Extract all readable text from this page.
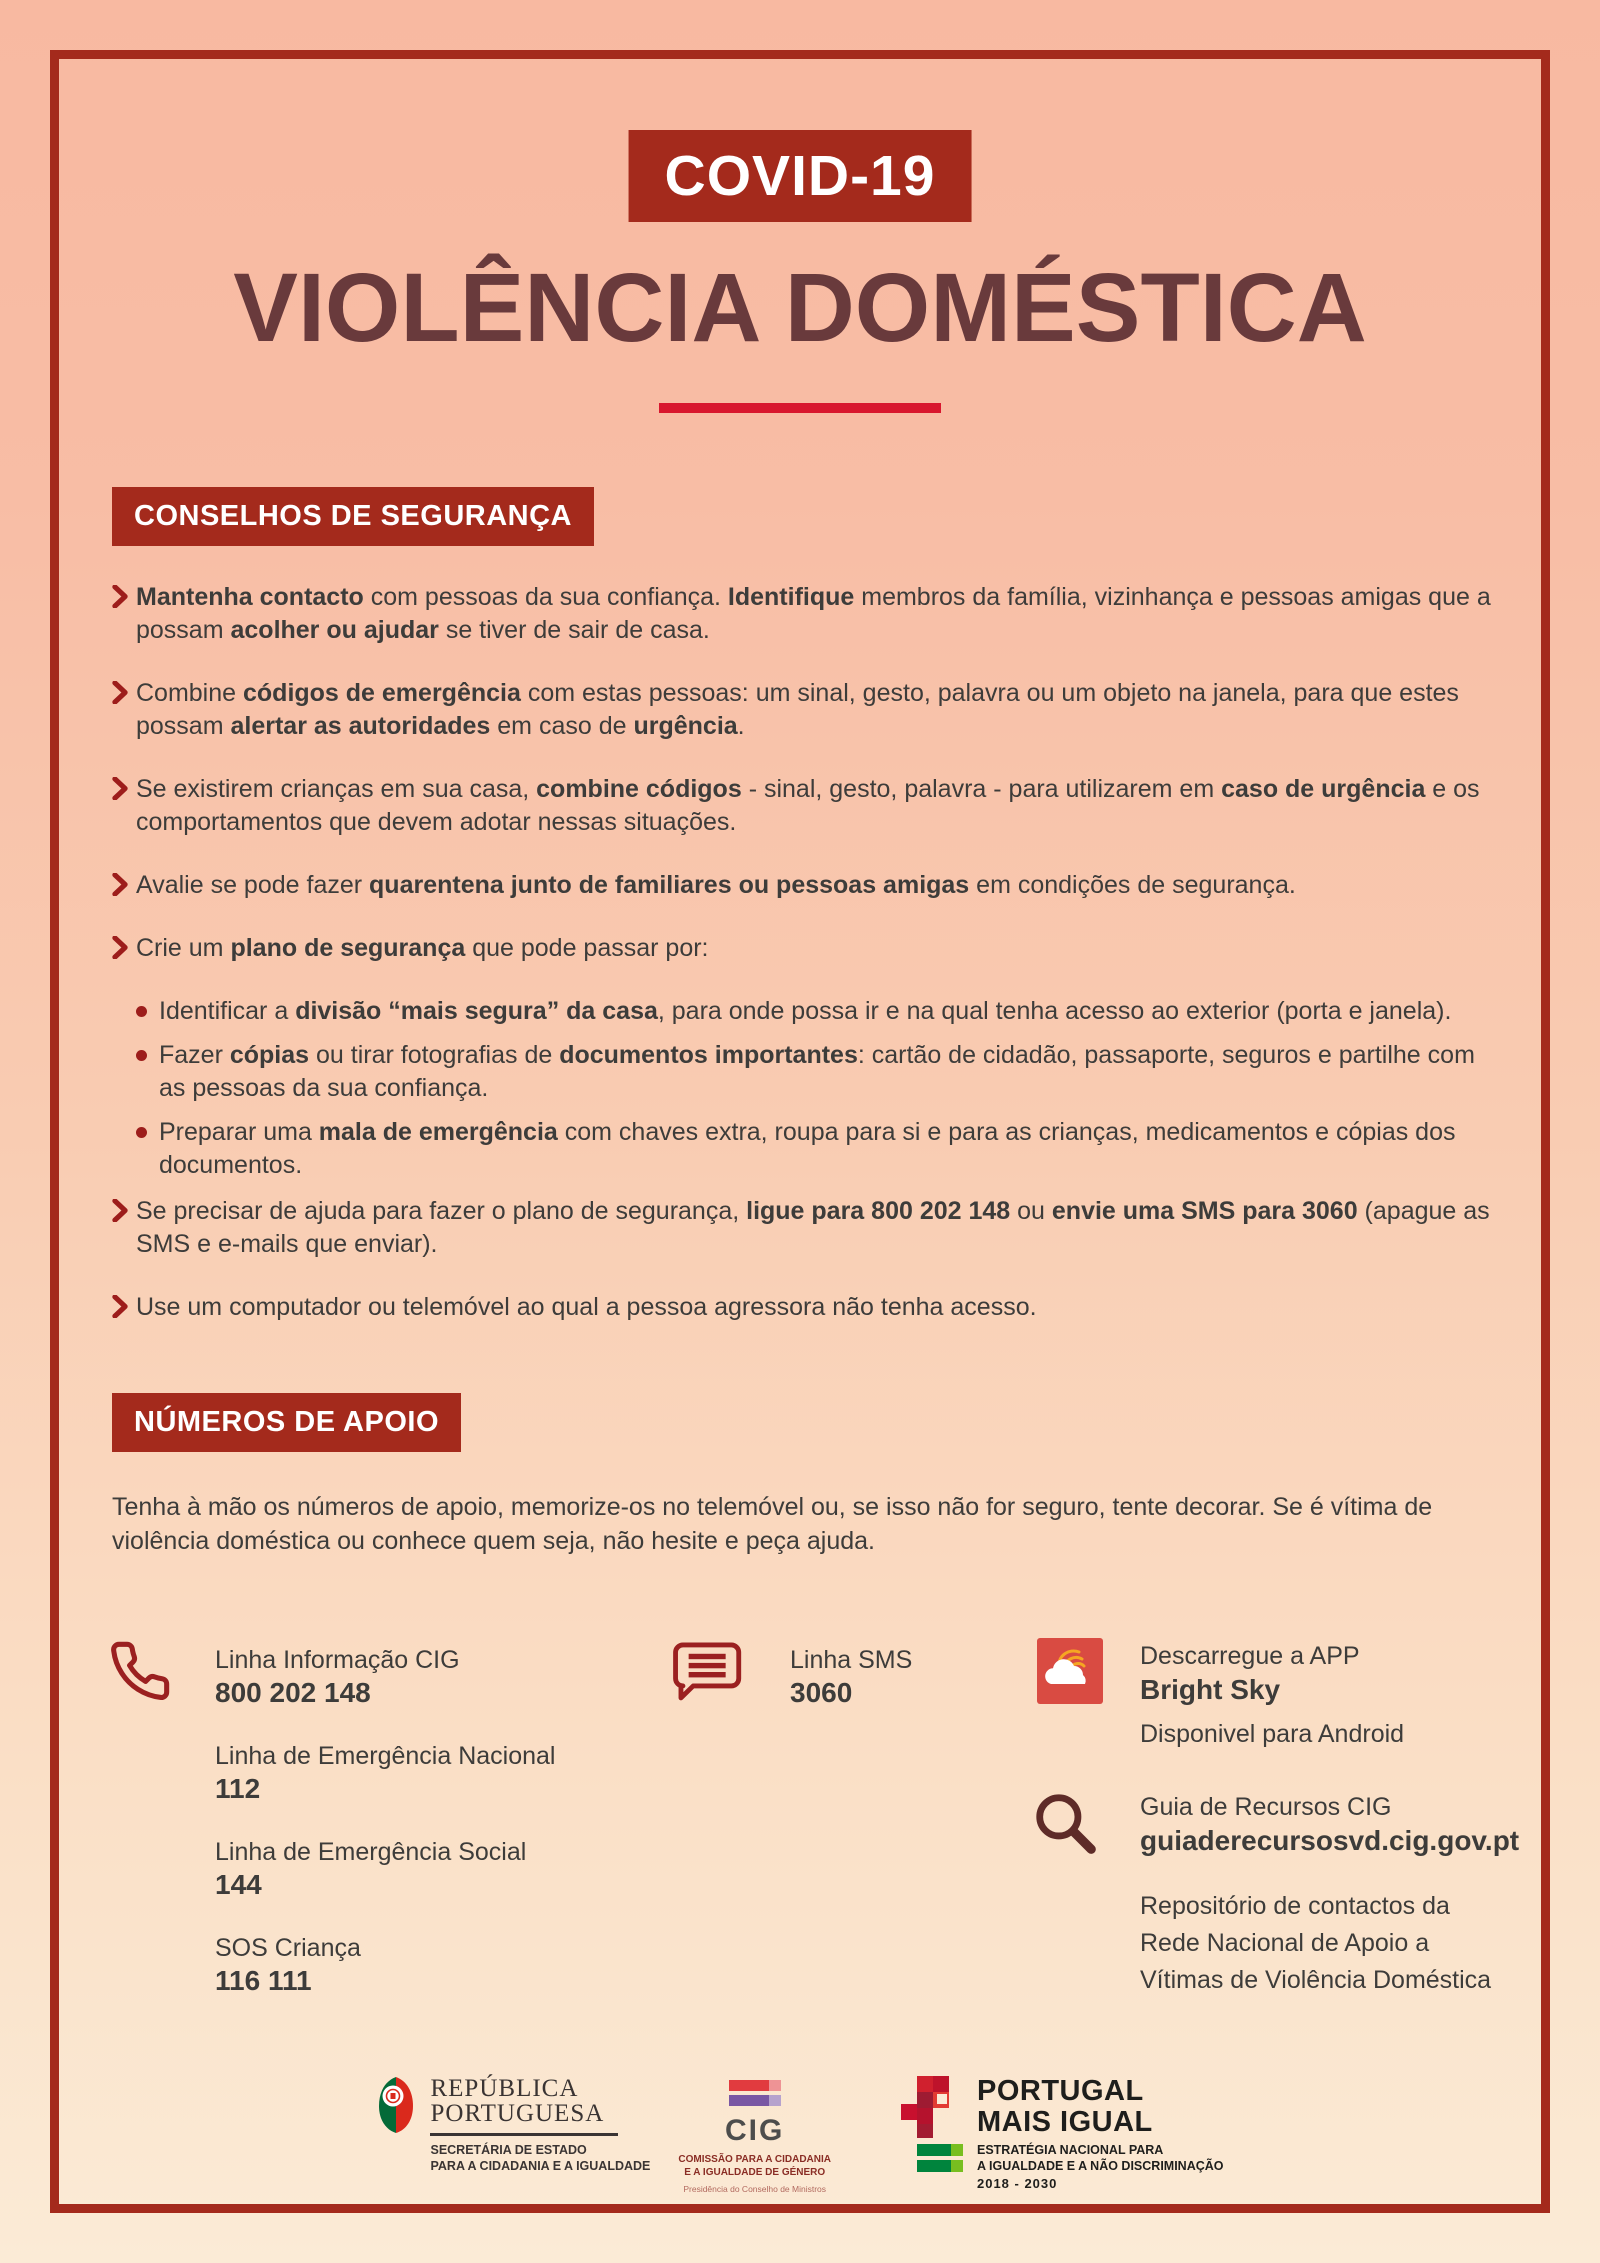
COVID-19
VIOLÊNCIA DOMÉSTICA
CONSELHOS DE SEGURANÇA
Mantenha contacto com pessoas da sua confiança. Identifique membros da família, vizinhança e pessoas amigas que a possam acolher ou ajudar se tiver de sair de casa.
Combine códigos de emergência com estas pessoas: um sinal, gesto, palavra ou um objeto na janela, para que estes possam alertar as autoridades em caso de urgência.
Se existirem crianças em sua casa, combine códigos - sinal, gesto, palavra - para utilizarem em caso de urgência e os comportamentos que devem adotar nessas situações.
Avalie se pode fazer quarentena junto de familiares ou pessoas amigas em condições de segurança.
Crie um plano de segurança que pode passar por:
Identificar a divisão “mais segura” da casa, para onde possa ir e na qual tenha acesso ao exterior (porta e janela).
Fazer cópias ou tirar fotografias de documentos importantes: cartão de cidadão, passaporte, seguros e partilhe com as pessoas da sua confiança.
Preparar uma mala de emergência com chaves extra, roupa para si e para as crianças, medicamentos e cópias dos documentos.
Se precisar de ajuda para fazer o plano de segurança, ligue para 800 202 148 ou envie uma SMS para 3060 (apague as SMS e e-mails que enviar).
Use um computador ou telemóvel ao qual a pessoa agressora não tenha acesso.
NÚMEROS DE APOIO
Tenha à mão os números de apoio, memorize-os no telemóvel ou, se isso não for seguro, tente decorar. Se é vítima de violência doméstica ou conhece quem seja, não hesite e peça ajuda.
Linha Informação CIG
800 202 148
Linha de Emergência Nacional
112
Linha de Emergência Social
144
SOS Criança
116 111
Linha SMS
3060
Descarregue a APP
Bright Sky
Disponivel para Android
Guia de Recursos CIG
guiaderecursosvd.cig.gov.pt
Repositório de contactos da
Rede Nacional de Apoio a
Vítimas de Violência Doméstica
REPÚBLICA
PORTUGUESA
SECRETÁRIA DE ESTADO
PARA A CIDADANIA E A IGUALDADE
CIG
COMISSÃO PARA A CIDADANIA
E A IGUALDADE DE GÉNERO
Presidência do Conselho de Ministros
PORTUGAL
MAIS IGUAL
ESTRATÉGIA NACIONAL PARA
A IGUALDADE E A NÃO DISCRIMINAÇÃO
2018 - 2030
